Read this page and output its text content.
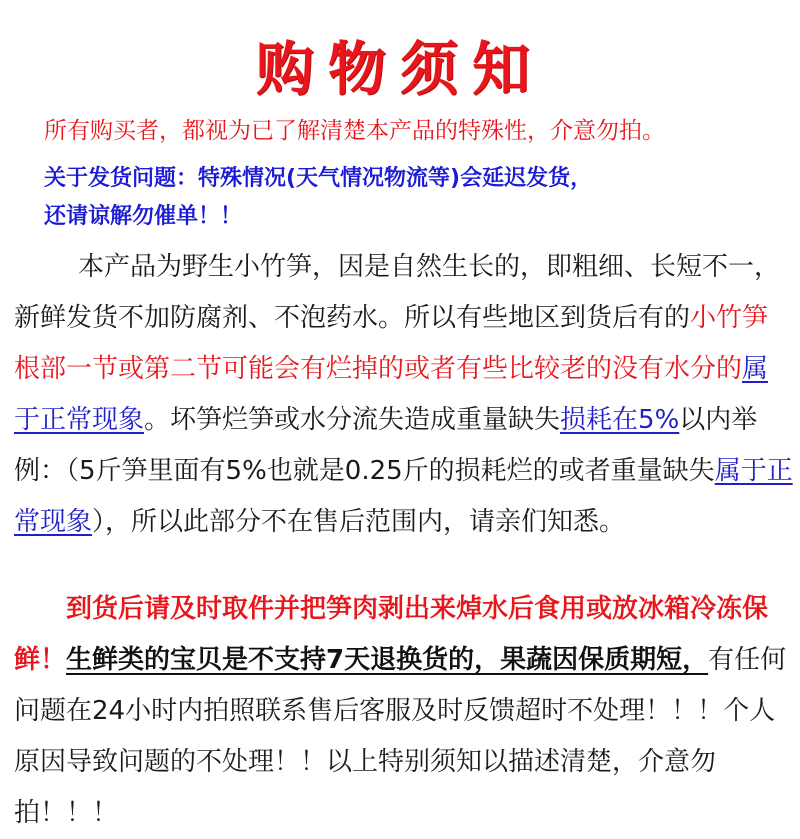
购物须知
所有购买者，都视为已了解清楚本产品的特殊性，介意勿拍。
关于发货问题：特殊情况(天气情况物流等)会延迟发货，
还请谅解勿催单！！
本产品为野生小竹笋，因是自然生长的，即粗细、长短不一，新鲜发货不加防腐剂、不泡药水。所以有些地区到货后有的小竹笋根部一节或第二节可能会有烂掉的或者有些比较老的没有水分的属于正常现象。坏笋烂笋或水分流失造成重量缺失损耗在5%以内举例：（5斤笋里面有5%也就是0.25斤的损耗烂的或者重量缺失属于正常现象），所以此部分不在售后范围内，请亲们知悉。
到货后请及时取件并把笋肉剥出来焯水后食用或放冰箱冷冻保鲜！生鲜类的宝贝是不支持7天退换货的，果蔬因保质期短，有任何问题在24小时内拍照联系售后客服及时反馈超时不处理！！！个人原因导致问题的不处理！！以上特别须知以描述清楚，介意勿拍！！！
